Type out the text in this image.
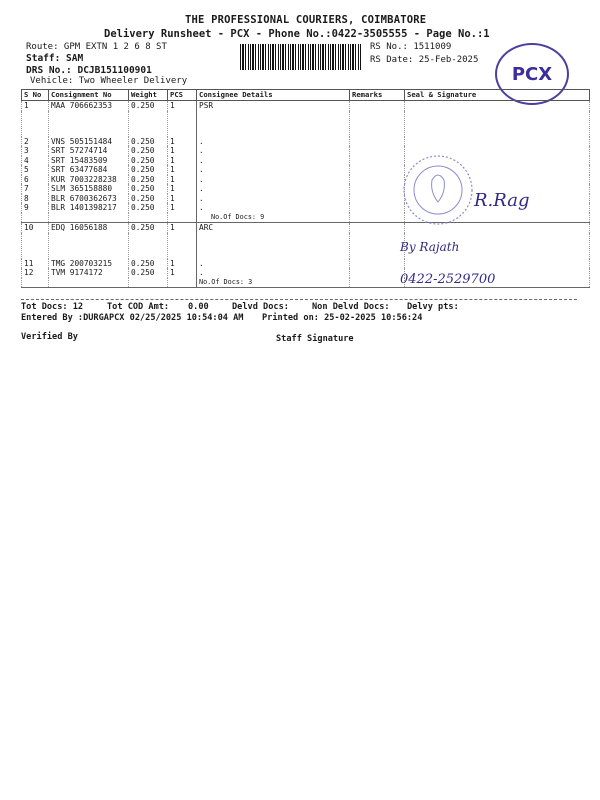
THE PROFESSIONAL COURIERS, COIMBATORE
Delivery Runsheet - PCX - Phone No.:0422-3505555 - Page No.:1
Route: GPM EXTN 1 2 6 8 ST
Staff: SAM
DRS No.: DCJB151100901
Vehicle: Two Wheeler Delivery
RS No.: 1511009
RS Date: 25-Feb-2025
PCX
S No	Consignment No	Weight	PCS	Consignee Details	Remarks	Seal & Signature
1	MAA 706662353	0.250	1	PSR		

2	VNS 505151484	0.250	1	.		
3	SRT 57274714	0.250	1	.		
4	SRT 15483509	0.250	1	.		
5	SRT 63477684	0.250	1	.		
6	KUR 7003228238	0.250	1	.		
7	SLM 365158880	0.250	1	.		
8	BLR 6700362673	0.250	1	.		
9	BLR 1401398217	0.250	1	.		
				No.Of Docs: 9		
10	EDQ 16056188	0.250	1	ARC		

11	TMG 200703215	0.250	1	.		
12	TVM 9174172	0.250	1	.		
				No.Of Docs: 3		
R.Rag
By Rajath
0422-2529700
Tot Docs: 12	Tot COD Amt: 0.00	Delvd Docs:	Non Delvd Docs: Delvy pts:
Entered By :DURGAPCX 02/25/2025 10:54:04 AM Printed on: 25-02-2025 10:56:24
Verified By	Staff Signature
